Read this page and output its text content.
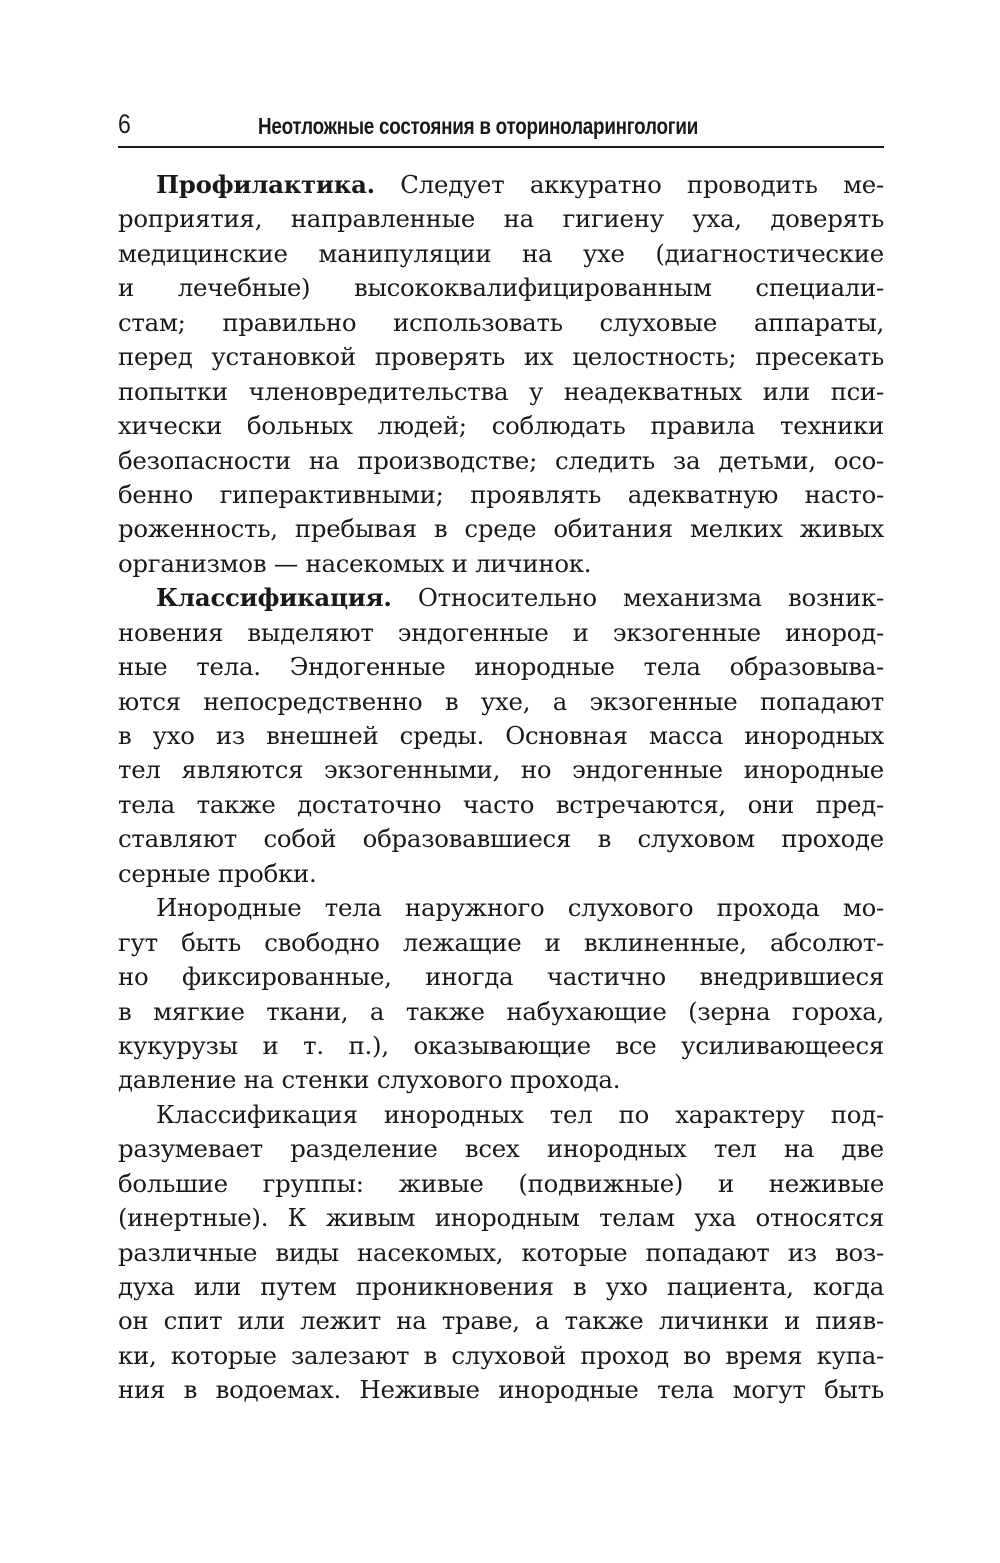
6	Неотложные состояния в оториноларингологии
Профилактика. Следует аккуратно проводить ме-
роприятия, направленные на гигиену уха, доверять
медицинские манипуляции на ухе (диагностические
и лечебные) высококвалифицированным специали-
стам; правильно использовать слуховые аппараты,
перед установкой проверять их целостность; пресекать
попытки членовредительства у неадекватных или пси-
хически больных людей; соблюдать правила техники
безопасности на производстве; следить за детьми, осо-
бенно гиперактивными; проявлять адекватную насто-
роженность, пребывая в среде обитания мелких живых
организмов — насекомых и личинок.
Классификация. Относительно механизма возник-
новения выделяют эндогенные и экзогенные инород-
ные тела. Эндогенные инородные тела образовыва-
ются непосредственно в ухе, а экзогенные попадают
в ухо из внешней среды. Основная масса инородных
тел являются экзогенными, но эндогенные инородные
тела также достаточно часто встречаются, они пред-
ставляют собой образовавшиеся в слуховом проходе
серные пробки.
Инородные тела наружного слухового прохода мо-
гут быть свободно лежащие и вклиненные, абсолют-
но фиксированные, иногда частично внедрившиеся
в мягкие ткани, а также набухающие (зерна гороха,
кукурузы и т. п.), оказывающие все усиливающееся
давление на стенки слухового прохода.
Классификация инородных тел по характеру под-
разумевает разделение всех инородных тел на две
большие группы: живые (подвижные) и неживые
(инертные). К живым инородным телам уха относятся
различные виды насекомых, которые попадают из воз-
духа или путем проникновения в ухо пациента, когда
он спит или лежит на траве, а также личинки и пияв-
ки, которые залезают в слуховой проход во время купа-
ния в водоемах. Неживые инородные тела могут быть
